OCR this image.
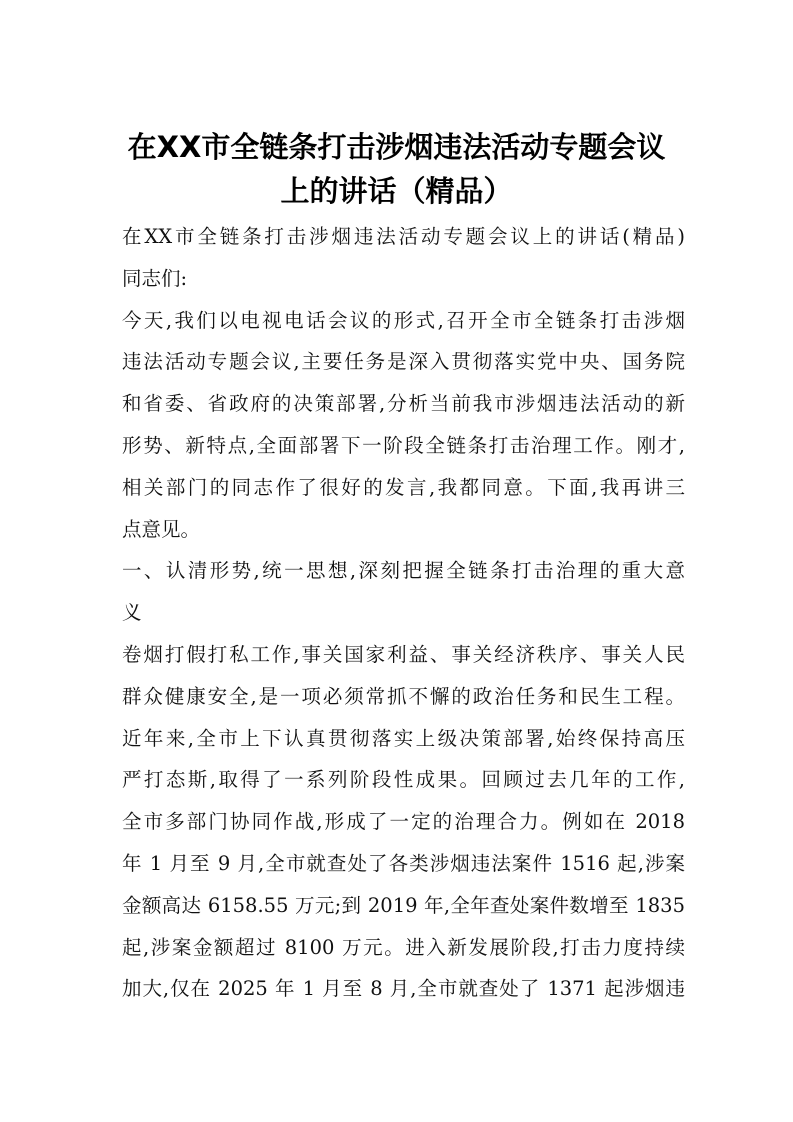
在XX市全链条打击涉烟违法活动专题会议
上的讲话（精品）
在XX市全链条打击涉烟违法活动专题会议上的讲话(精品)
同志们:
今天,我们以电视电话会议的形式,召开全市全链条打击涉烟
违法活动专题会议,主要任务是深入贯彻落实党中央、国务院
和省委、省政府的决策部署,分析当前我市涉烟违法活动的新
形势、新特点,全面部署下一阶段全链条打击治理工作。刚才,
相关部门的同志作了很好的发言,我都同意。下面,我再讲三
点意见。
一、认清形势,统一思想,深刻把握全链条打击治理的重大意
义
卷烟打假打私工作,事关国家利益、事关经济秩序、事关人民
群众健康安全,是一项必须常抓不懈的政治任务和民生工程。
近年来,全市上下认真贯彻落实上级决策部署,始终保持高压
严打态斯,取得了一系列阶段性成果。回顾过去几年的工作,
全市多部门协同作战,形成了一定的治理合力。例如在 2018
年 1 月至 9 月,全市就查处了各类涉烟违法案件 1516 起,涉案
金额高达 6158.55 万元;到 2019 年,全年查处案件数增至 1835
起,涉案金额超过 8100 万元。进入新发展阶段,打击力度持续
加大,仅在 2025 年 1 月至 8 月,全市就查处了 1371 起涉烟违
